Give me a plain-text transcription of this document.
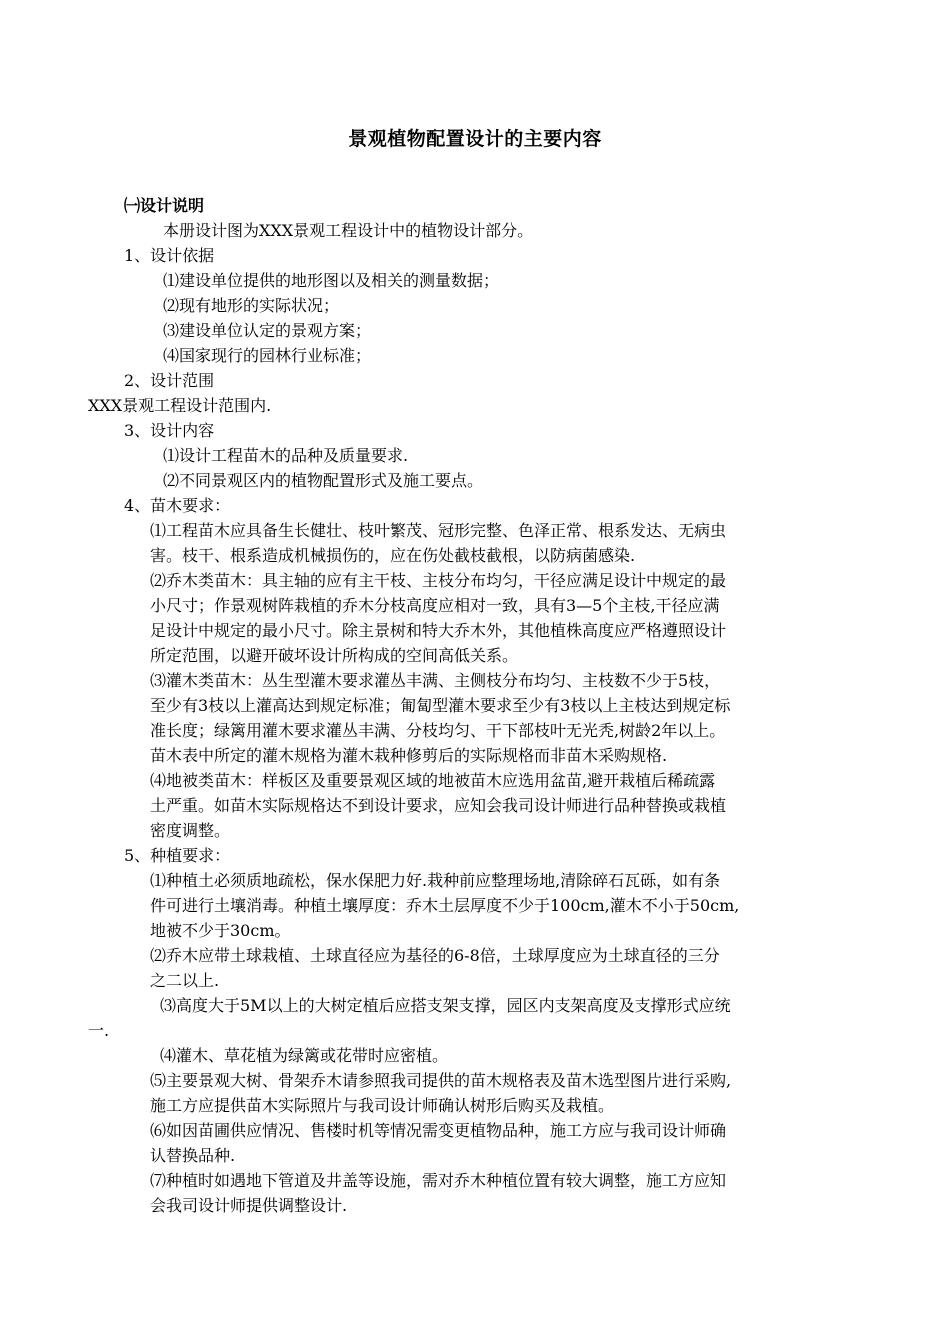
景观植物配置设计的主要内容
㈠设计说明
本册设计图为XXX景观工程设计中的植物设计部分。
1、设计依据
⑴建设单位提供的地形图以及相关的测量数据；
⑵现有地形的实际状况；
⑶建设单位认定的景观方案；
⑷国家现行的园林行业标准；
2、设计范围
XXX景观工程设计范围内.
3、设计内容
⑴设计工程苗木的品种及质量要求.
⑵不同景观区内的植物配置形式及施工要点。
4、苗木要求：
⑴工程苗木应具备生长健壮、枝叶繁茂、冠形完整、色泽正常、根系发达、无病虫
害。枝干、根系造成机械损伤的，应在伤处截枝截根，以防病菌感染.
⑵乔木类苗木：具主轴的应有主干枝、主枝分布均匀，干径应满足设计中规定的最
小尺寸；作景观树阵栽植的乔木分枝高度应相对一致，具有3—5个主枝,干径应满
足设计中规定的最小尺寸。除主景树和特大乔木外，其他植株高度应严格遵照设计
所定范围，以避开破坏设计所构成的空间高低关系。
⑶灌木类苗木：丛生型灌木要求灌丛丰满、主侧枝分布均匀、主枝数不少于5枝，
至少有3枝以上灌高达到规定标准；匍匐型灌木要求至少有3枝以上主枝达到规定标
准长度；绿篱用灌木要求灌丛丰满、分枝均匀、干下部枝叶无光秃,树龄2年以上。
苗木表中所定的灌木规格为灌木栽种修剪后的实际规格而非苗木采购规格.
⑷地被类苗木：样板区及重要景观区域的地被苗木应选用盆苗,避开栽植后稀疏露
土严重。如苗木实际规格达不到设计要求，应知会我司设计师进行品种替换或栽植
密度调整。
5、种植要求：
⑴种植土必须质地疏松，保水保肥力好.栽种前应整理场地,清除碎石瓦砾，如有条
件可进行土壤消毒。种植土壤厚度：乔木土层厚度不少于100cm,灌木不小于50cm,
地被不少于30cm。
⑵乔木应带土球栽植、土球直径应为基径的6-8倍，土球厚度应为土球直径的三分
之二以上.
⑶高度大于5M以上的大树定植后应搭支架支撑，园区内支架高度及支撑形式应统
一.
⑷灌木、草花植为绿篱或花带时应密植。
⑸主要景观大树、骨架乔木请参照我司提供的苗木规格表及苗木选型图片进行采购,
施工方应提供苗木实际照片与我司设计师确认树形后购买及栽植。
⑹如因苗圃供应情况、售楼时机等情况需变更植物品种，施工方应与我司设计师确
认替换品种.
⑺种植时如遇地下管道及井盖等设施，需对乔木种植位置有较大调整，施工方应知
会我司设计师提供调整设计.
